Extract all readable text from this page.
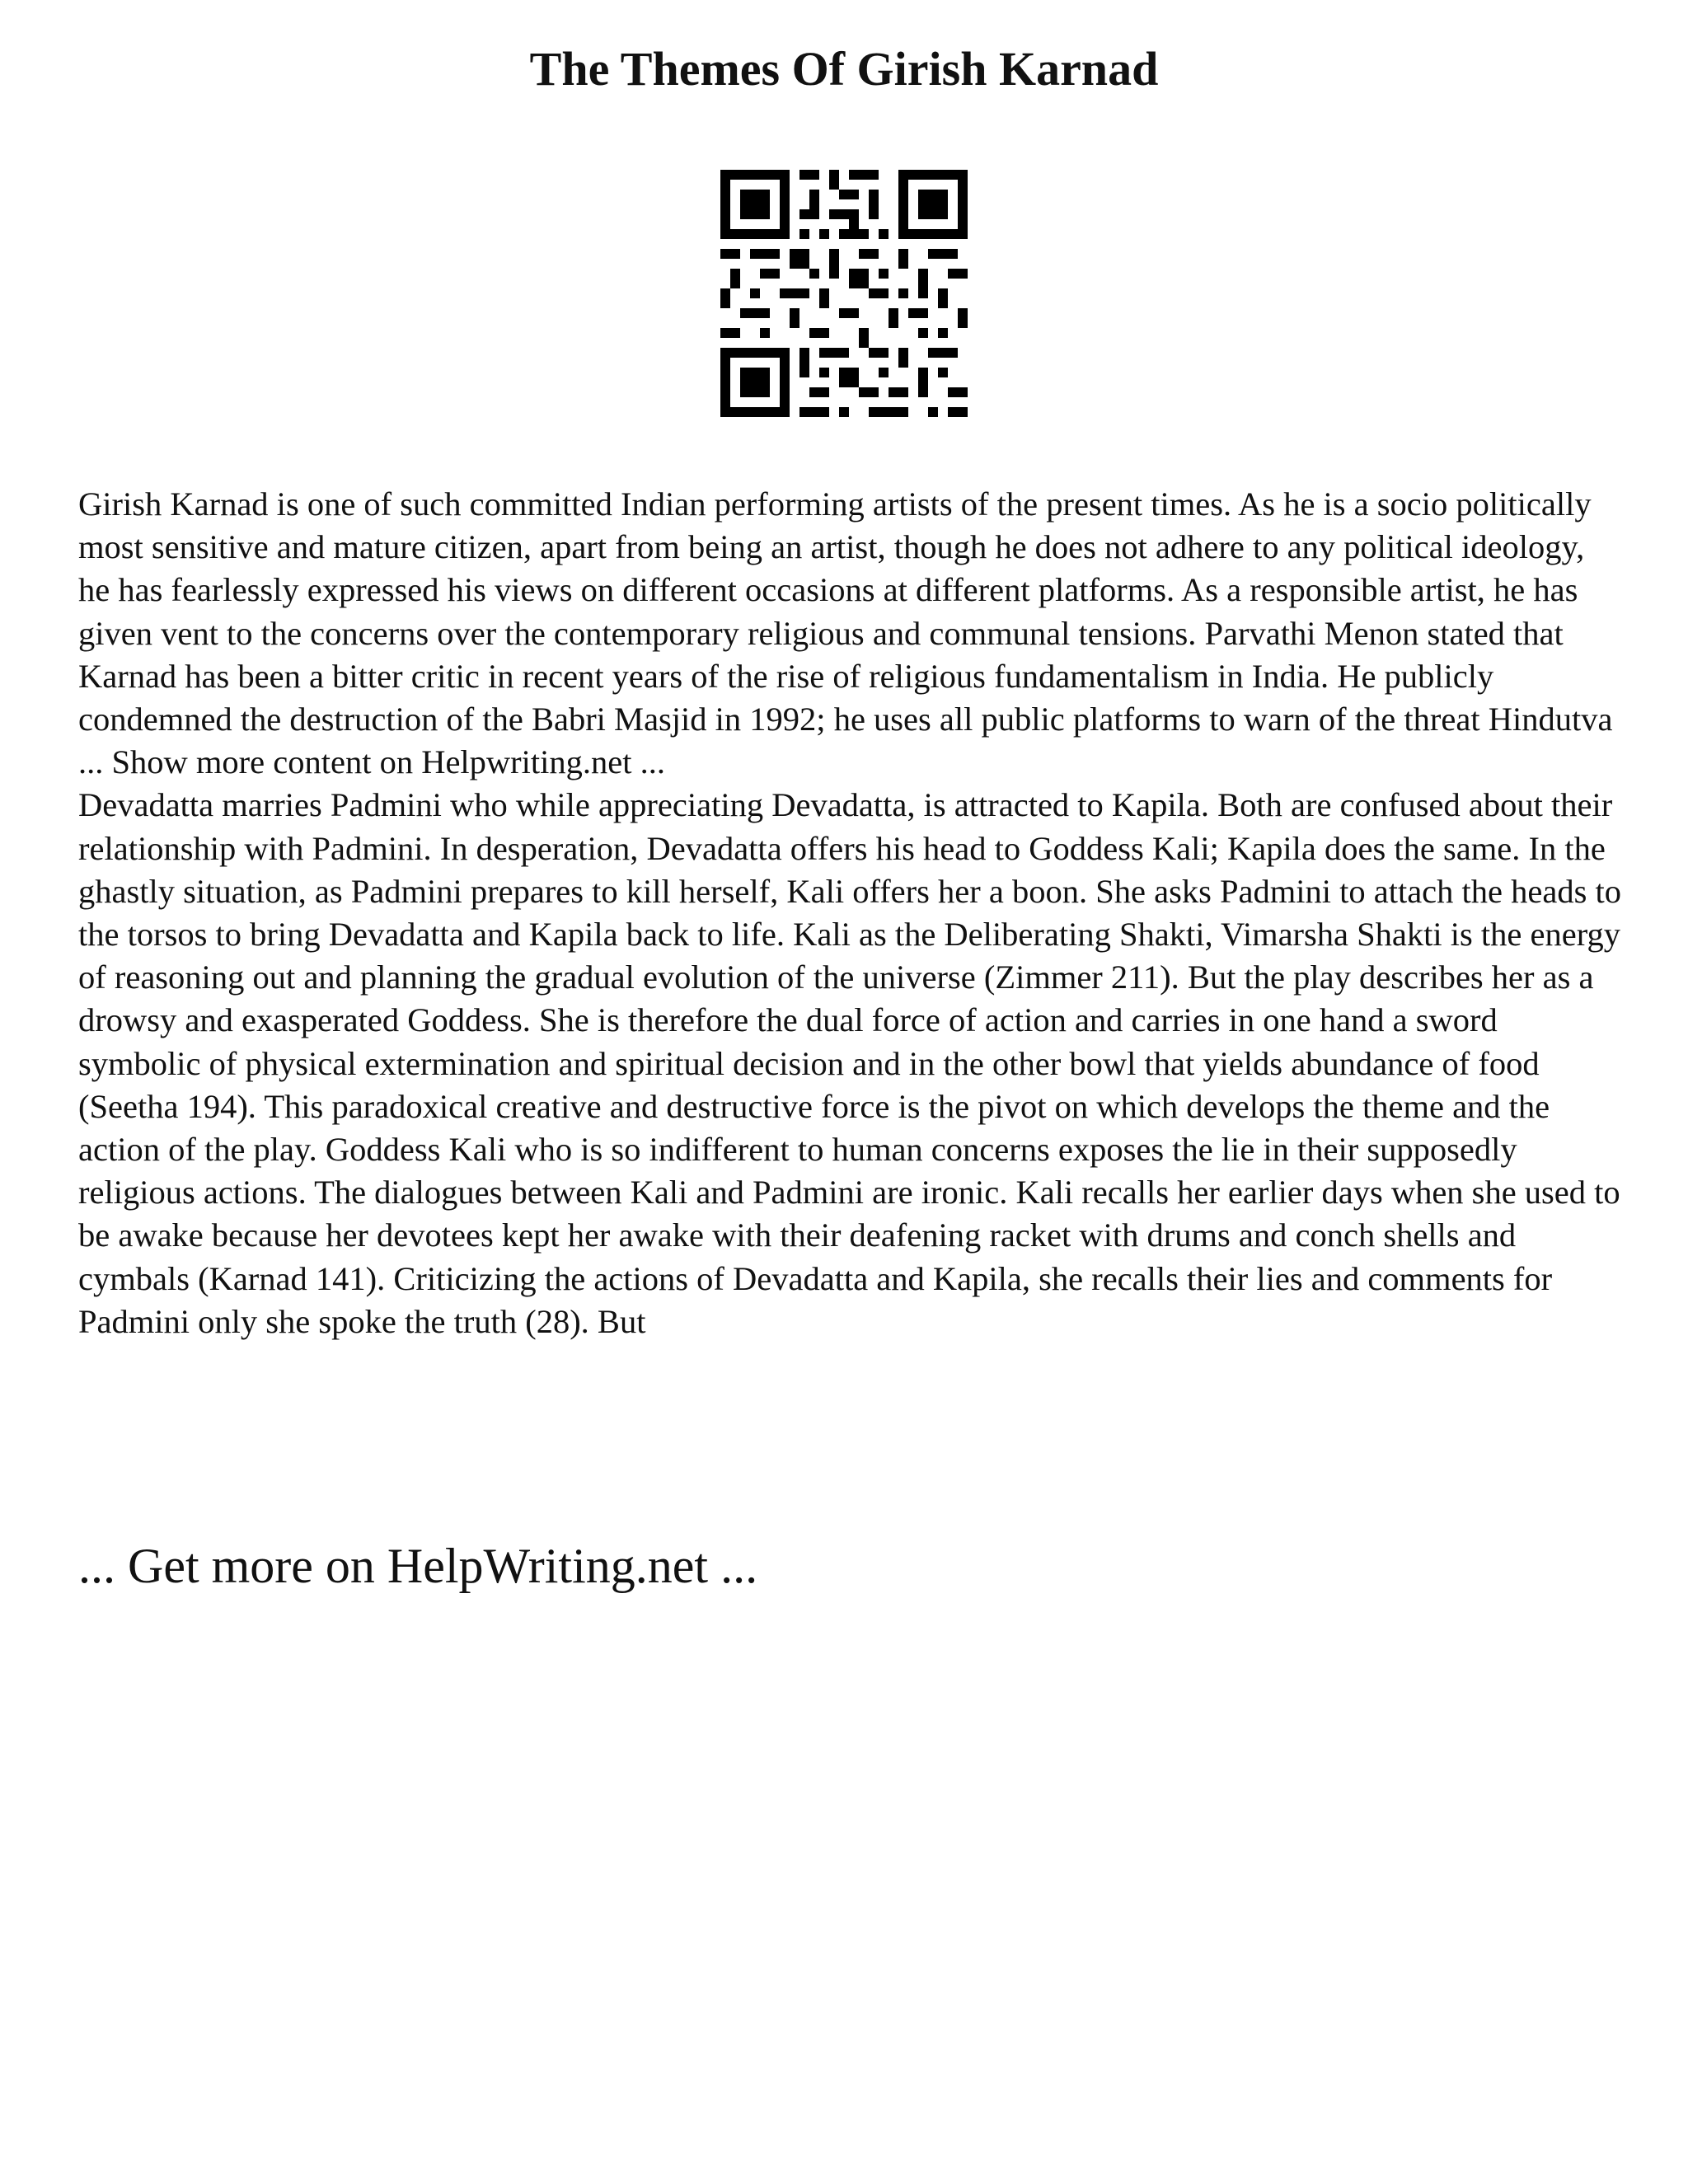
The Themes Of Girish Karnad

Girish Karnad is one of such committed Indian performing artists of the present times. As he is a socio politically most sensitive and mature citizen, apart from being an artist, though he does not adhere to any political ideology, he has fearlessly expressed his views on different occasions at different platforms. As a responsible artist, he has given vent to the concerns over the contemporary religious and communal tensions. Parvathi Menon stated that Karnad has been a bitter critic in recent years of the rise of religious fundamentalism in India. He publicly condemned the destruction of the Babri Masjid in 1992; he uses all public platforms to warn of the threat Hindutva ... Show more content on Helpwriting.net ...

Devadatta marries Padmini who while appreciating Devadatta, is attracted to Kapila. Both are confused about their relationship with Padmini. In desperation, Devadatta offers his head to Goddess Kali; Kapila does the same. In the ghastly situation, as Padmini prepares to kill herself, Kali offers her a boon. She asks Padmini to attach the heads to the torsos to bring Devadatta and Kapila back to life. Kali as the Deliberating Shakti, Vimarsha Shakti is the energy of reasoning out and planning the gradual evolution of the universe (Zimmer 211). But the play describes her as a drowsy and exasperated Goddess. She is therefore the dual force of action and carries in one hand a sword symbolic of physical extermination and spiritual decision and in the other bowl that yields abundance of food (Seetha 194). This paradoxical creative and destructive force is the pivot on which develops the theme and the action of the play. Goddess Kali who is so indifferent to human concerns exposes the lie in their supposedly religious actions. The dialogues between Kali and Padmini are ironic. Kali recalls her earlier days when she used to be awake because her devotees kept her awake with their deafening racket with drums and conch shells and cymbals (Karnad 141). Criticizing the actions of Devadatta and Kapila, she recalls their lies and comments for Padmini only she spoke the truth (28). But

... Get more on HelpWriting.net ...
